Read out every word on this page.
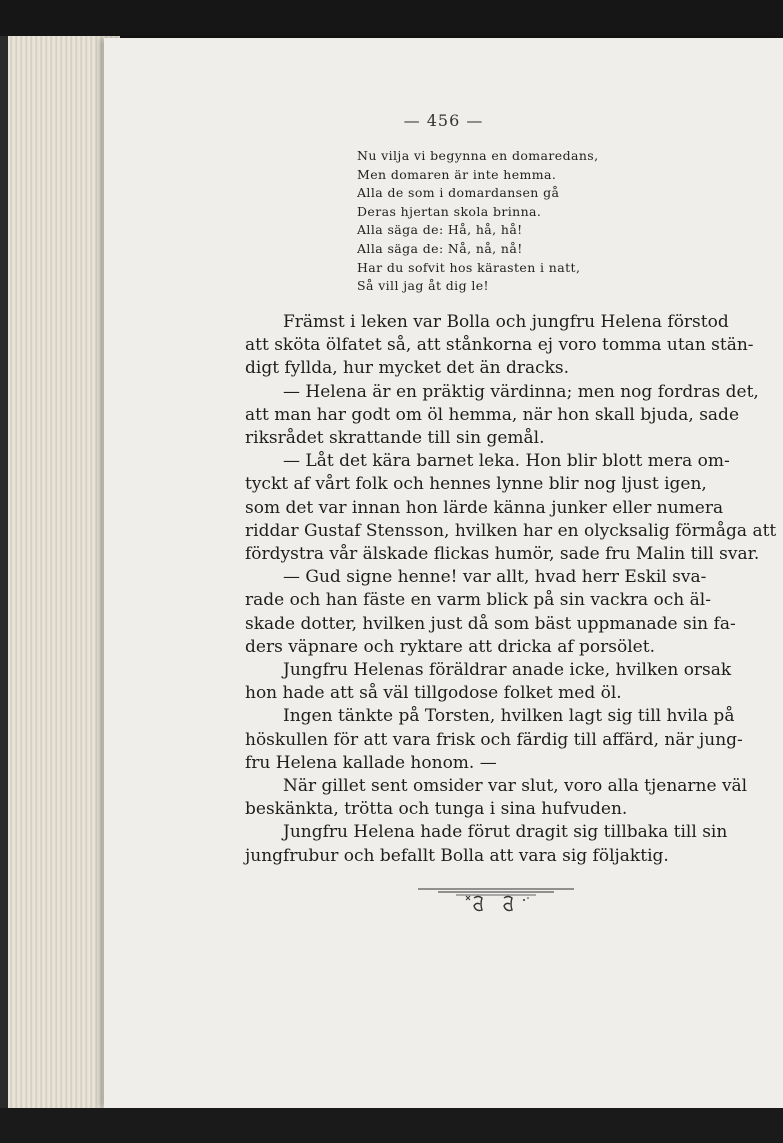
— 456 —
Nu vilja vi begynna en domaredans,
Men domaren är inte hemma.
Alla de som i domardansen gå
Deras hjertan skola brinna.
Alla säga de: Hå, hå, hå!
Alla säga de: Nå, nå, nå!
Har du sofvit hos kärasten i natt,
Så vill jag åt dig le!
Främst i leken var Bolla och jungfru Helena förstod
att sköta ölfatet så, att stånkorna ej voro tomma utan stän-
digt fyllda, hur mycket det än dracks.
— Helena är en präktig värdinna; men nog fordras det,
att man har godt om öl hemma, när hon skall bjuda, sade
riksrådet skrattande till sin gemål.
— Låt det kära barnet leka. Hon blir blott mera om-
tyckt af vårt folk och hennes lynne blir nog ljust igen,
som det var innan hon lärde känna junker eller numera
riddar Gustaf Stensson, hvilken har en olycksalig förmåga att
fördystra vår älskade flickas humör, sade fru Malin till svar.
— Gud signe henne! var allt, hvad herr Eskil sva-
rade och han fäste en varm blick på sin vackra och äl-
skade dotter, hvilken just då som bäst uppmanade sin fa-
ders väpnare och ryktare att dricka af porsölet.
Jungfru Helenas föräldrar anade icke, hvilken orsak
hon hade att så väl tillgodose folket med öl.
Ingen tänkte på Torsten, hvilken lagt sig till hvila på
höskullen för att vara frisk och färdig till affärd, när jung-
fru Helena kallade honom. —
När gillet sent omsider var slut, voro alla tjenarne väl
beskänkta, trötta och tunga i sina hufvuden.
Jungfru Helena hade förut dragit sig tillbaka till sin
jungfrubur och befallt Bolla att vara sig följaktig.
